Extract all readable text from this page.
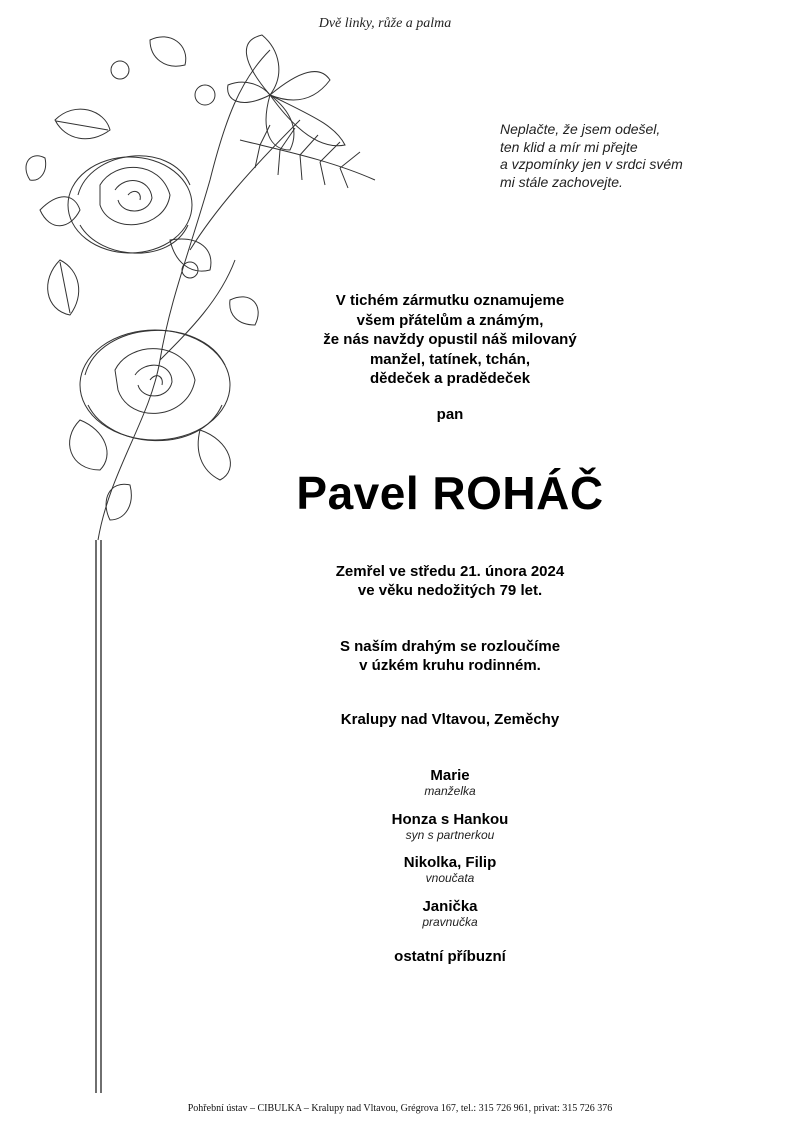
Dvě linky, růže a palma
Neplačte, že jsem odešel,
ten klid a mír mi přejte
a vzpomínky jen v srdci svém
mi stále zachovejte.
V tichém zármutku oznamujeme
všem přátelům a známým,
že nás navždy opustil náš milovaný
manžel, tatínek, tchán,
dědeček a pradědeček
pan
Pavel ROHÁČ
Zemřel ve středu 21. února 2024
ve věku nedožitých 79 let.
S naším drahým se rozloučíme
v úzkém kruhu rodinném.
Kralupy nad Vltavou, Zeměchy
Marie
manželka
Honza s Hankou
syn s partnerkou
Nikolka, Filip
vnoučata
Janička
pravnučka
ostatní příbuzní
Pohřební ústav – CIBULKA – Kralupy nad Vltavou, Grégrova 167, tel.: 315 726 961, privat: 315 726 376
